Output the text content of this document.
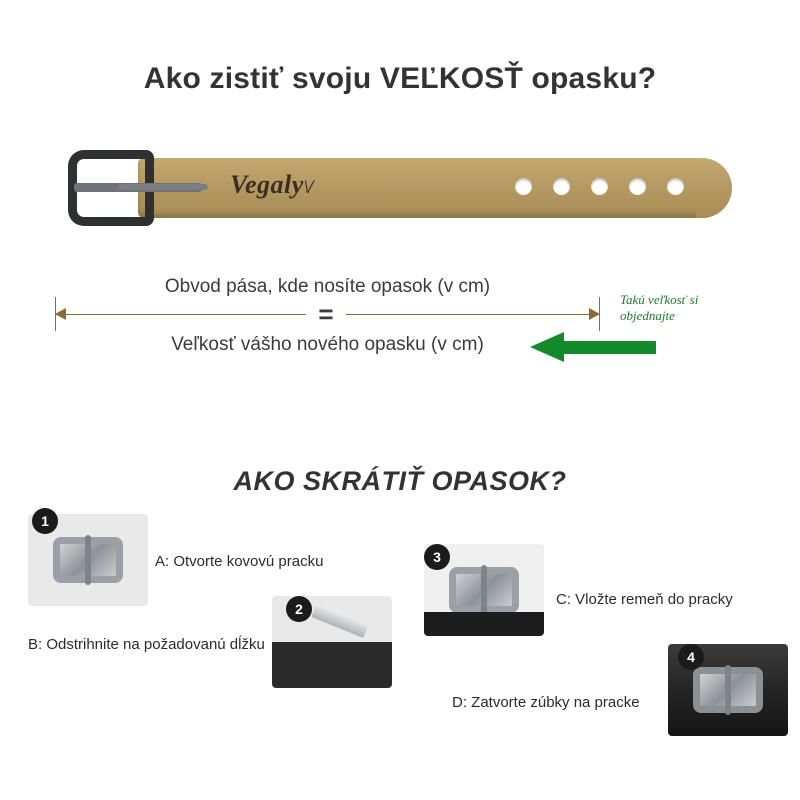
Ako zistiť svoju VEĽKOSŤ opasku?
Vegaly\/
Obvod pása, kde nosíte opasok (v cm)
=
Veľkosť vášho nového opasku (v cm)
Takú veľkosť si
objednajte
AKO SKRÁTIŤ OPASOK?
1
A: Otvorte kovovú pracku
2
B: Odstrihnite na požadovanú dĺžku
3
C: Vložte remeň do pracky
4
D: Zatvorte zúbky na pracke
